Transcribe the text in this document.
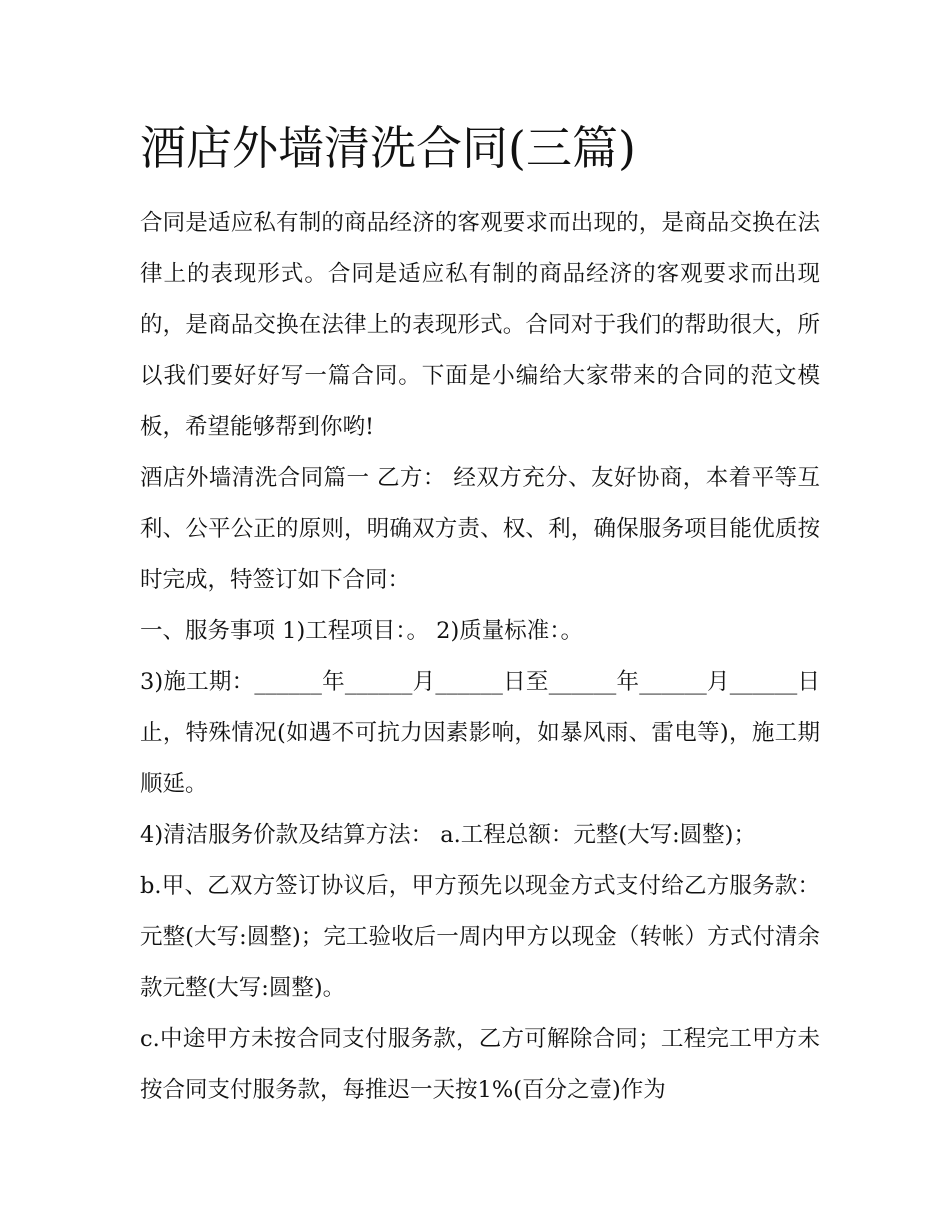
酒店外墙清洗合同(三篇)

合同是适应私有制的商品经济的客观要求而出现的，是商品交换在法律上的表现形式。合同是适应私有制的商品经济的客观要求而出现的，是商品交换在法律上的表现形式。合同对于我们的帮助很大，所以我们要好好写一篇合同。下面是小编给大家带来的合同的范文模板，希望能够帮到你哟!

酒店外墙清洗合同篇一 乙方： 经双方充分、友好协商，本着平等互利、公平公正的原则，明确双方责、权、利，确保服务项目能优质按时完成，特签订如下合同：

一、服务事项 1)工程项目：。 2)质量标准：。

3)施工期：______年______月______日至______年______月______日止，特殊情况(如遇不可抗力因素影响，如暴风雨、雷电等)，施工期顺延。

4)清洁服务价款及结算方法： a.工程总额：元整(大写:圆整)；

b.甲、乙双方签订协议后，甲方预先以现金方式支付给乙方服务款：元整(大写:圆整)；完工验收后一周内甲方以现金（转帐）方式付清余款元整(大写:圆整)。

c.中途甲方未按合同支付服务款，乙方可解除合同；工程完工甲方未按合同支付服务款，每推迟一天按1%(百分之壹)作为
